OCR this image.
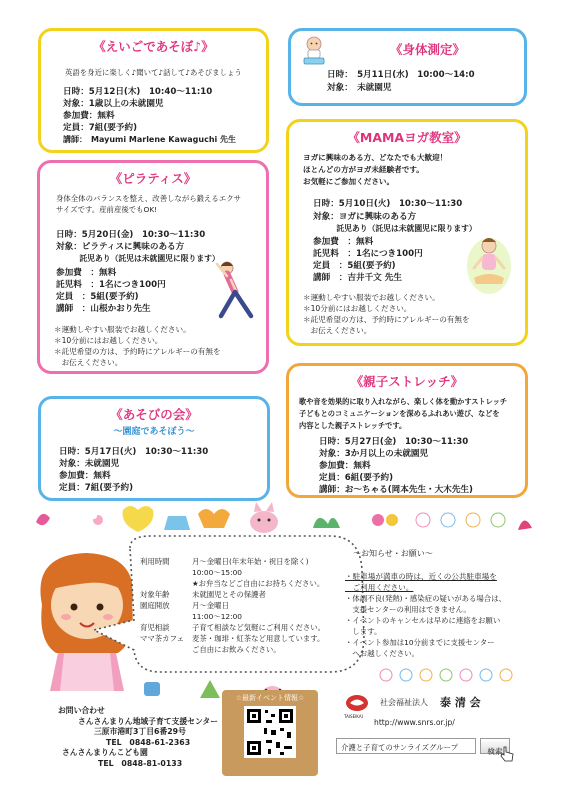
《えいごであそぼ♪》
英語を身近に楽しく♪聞いて♪話して♪あそびましょう
日時：5月12日(木)　10:40～11:10
対象：1歳以上の未就園児
参加費：無料
定員：7組(要予約)
講師：　Mayumi Marlene Kawaguchi 先生
《身体測定》
日時：　5月11日(水)　10:00～14:0
対象：　未就園児
《MAMAヨガ教室》
ヨガに興味のある方、どなたでも大歓迎！
ほとんどの方がヨガ未経験者です。
お気軽にご参加ください。
日時：5月10日(火)　10:30～11:30
対象：ヨガに興味のある方
　　　託児あり（託児は未就園児に限ります）
参加費　：無料
託児料　：1名につき100円
定員　：5組(要予約)
講師　：吉井千文 先生
＊運動しやすい服装でお越しください。
＊10分前にはお越しください。
＊託児希望の方は、予約時にアレルギーの有無を
　お伝えください。
《ピラティス》
身体全体のバランスを整え、改善しながら鍛えるエクサ
サイズです。産前産後でもOK!
日時：5月20日(金)　10:30～11:30
対象：ピラティスに興味のある方
　　　託児あり（託児は未就園児に限ります）
参加費　：無料
託児料　：1名につき100円
定員　：5組(要予約)
講師　：山根かおり先生
＊運動しやすい服装でお越しください。
＊10分前にはお越しください。
＊託児希望の方は、予約時にアレルギーの有無を
　お伝えください。
《あそびの会》
～園庭であそぼう～
日時：5月17日(火)　10:30～11:30
対象：未就園児
参加費：無料
定員：7組(要予約)
《親子ストレッチ》
歌や音を効果的に取り入れながら、楽しく体を動かすストレッチ
子どもとのコミュニケーションを深めるふれあい遊び、などを
内容とした親子ストレッチです。
日時：5月27日(金)　10:30～11:30
対象：3か月以上の未就園児
参加費：無料
定員：6組(要予約)
講師：お～ちゃる(岡本先生・大木先生)
利用時間	月～金曜日(年末年始・祝日を除く)
10:00～15:00
★お弁当などご自由にお持ちください。
対象年齢	未就園児とその保護者
園庭開放	月～金曜日
11:00～12:00
育児相談	子育て相談など気軽にご利用ください。
ママ茶カフェ 麦茶・珈琲・紅茶など用意しています。
ご自由にお飲みください。
～お知らせ・お願い～
・駐車場が満車の時は、近くの公共駐車場を
　ご利用ください。
・体調不良(発熱)・感染症の疑いがある場合は、
　支援センターの利用はできません。
・イベントのキャンセルは早めに連絡をお願い
　します。
・イベント参加は10分前までに支援センター
　へお越しください。
お問い合わせ
さんさんまりん地域子育て支援センター
三原市港町3丁目6番29号
TEL　0848-61-2363
さんさんまりんこども園
TEL　0848-81-0133
☆最新イベント情報☆
TAISEIKAI
社会福祉法人 泰 清 会
http://www.snrs.or.jp/
介護と子育てのサンライズグループ	検索
